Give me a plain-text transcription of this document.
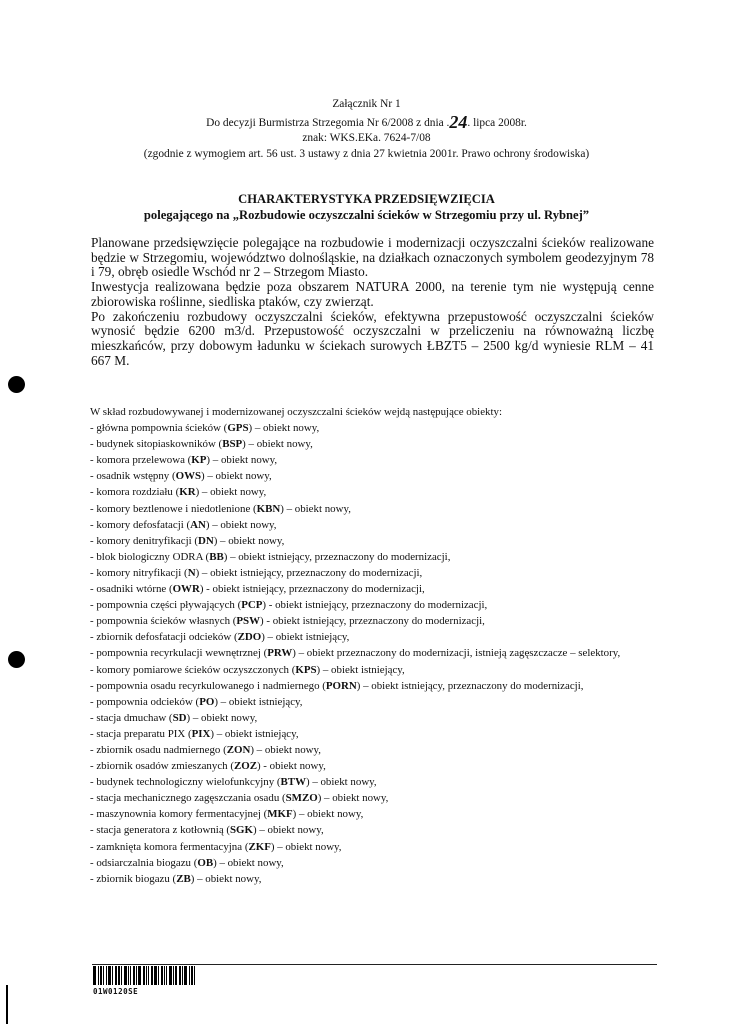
Załącznik Nr 1
Do decyzji Burmistrza Strzegomia Nr 6/2008 z dnia .24. lipca 2008r.
znak: WKS.EKa. 7624-7/08
(zgodnie z wymogiem art. 56 ust. 3 ustawy z dnia 27 kwietnia 2001r. Prawo ochrony środowiska)
CHARAKTERYSTYKA PRZEDSIĘWZIĘCIA
polegającego na „Rozbudowie oczyszczalni ścieków w Strzegomiu przy ul. Rybnej”

Planowane przedsięwzięcie polegające na rozbudowie i modernizacji oczyszczalni ścieków realizowane będzie w Strzegomiu, województwo dolnośląskie, na działkach oznaczonych symbolem geodezyjnym 78 i 79, obręb osiedle Wschód nr 2 – Strzegom Miasto.

Inwestycja realizowana będzie poza obszarem NATURA 2000, na terenie tym nie występują cenne zbiorowiska roślinne, siedliska ptaków, czy zwierząt.

Po zakończeniu rozbudowy oczyszczalni ścieków, efektywna przepustowość oczyszczalni ścieków wynosić będzie 6200 m3/d. Przepustowość oczyszczalni w przeliczeniu na równoważną liczbę mieszkańców, przy dobowym ładunku w ściekach surowych ŁBZT5 – 2500 kg/d wyniesie RLM – 41 667 M.

W skład rozbudowywanej i modernizowanej oczyszczalni ścieków wejdą następujące obiekty:

- główna pompownia ścieków (GPS) – obiekt nowy,
- budynek sitopiaskowników (BSP) – obiekt nowy,
- komora przelewowa (KP) – obiekt nowy,
- osadnik wstępny (OWS) – obiekt nowy,
- komora rozdziału (KR) – obiekt nowy,
- komory beztlenowe i niedotlenione (KBN) – obiekt nowy,
- komory defosfatacji (AN) – obiekt nowy,
- komory denitryfikacji (DN) – obiekt nowy,
- blok biologiczny ODRA (BB) – obiekt istniejący, przeznaczony do modernizacji,
- komory nitryfikacji (N) – obiekt istniejący, przeznaczony do modernizacji,
- osadniki wtórne (OWR) - obiekt istniejący, przeznaczony do modernizacji,
- pompownia części pływających (PCP) - obiekt istniejący, przeznaczony do modernizacji,
- pompownia ścieków własnych (PSW) - obiekt istniejący, przeznaczony do modernizacji,
- zbiornik defosfatacji odcieków (ZDO) – obiekt istniejący,
- pompownia recyrkulacji wewnętrznej (PRW) – obiekt przeznaczony do modernizacji, istnieją zagęszczacze – selektory,
- komory pomiarowe ścieków oczyszczonych (KPS) – obiekt istniejący,
- pompownia osadu recyrkulowanego i nadmiernego (PORN) – obiekt istniejący, przeznaczony do modernizacji,
- pompownia odcieków (PO) – obiekt istniejący,
- stacja dmuchaw (SD) – obiekt nowy,
- stacja preparatu PIX (PIX) – obiekt istniejący,
- zbiornik osadu nadmiernego (ZON) – obiekt nowy,
- zbiornik osadów zmieszanych (ZOZ) - obiekt nowy,
- budynek technologiczny wielofunkcyjny (BTW) – obiekt nowy,
- stacja mechanicznego zagęszczania osadu (SMZO) – obiekt nowy,
- maszynownia komory fermentacyjnej (MKF) – obiekt nowy,
- stacja generatora z kotłownią (SGK) – obiekt nowy,
- zamknięta komora fermentacyjna (ZKF) – obiekt nowy,
- odsiarczalnia biogazu (OB) – obiekt nowy,
- zbiornik biogazu (ZB) – obiekt nowy,
01W0120SE
